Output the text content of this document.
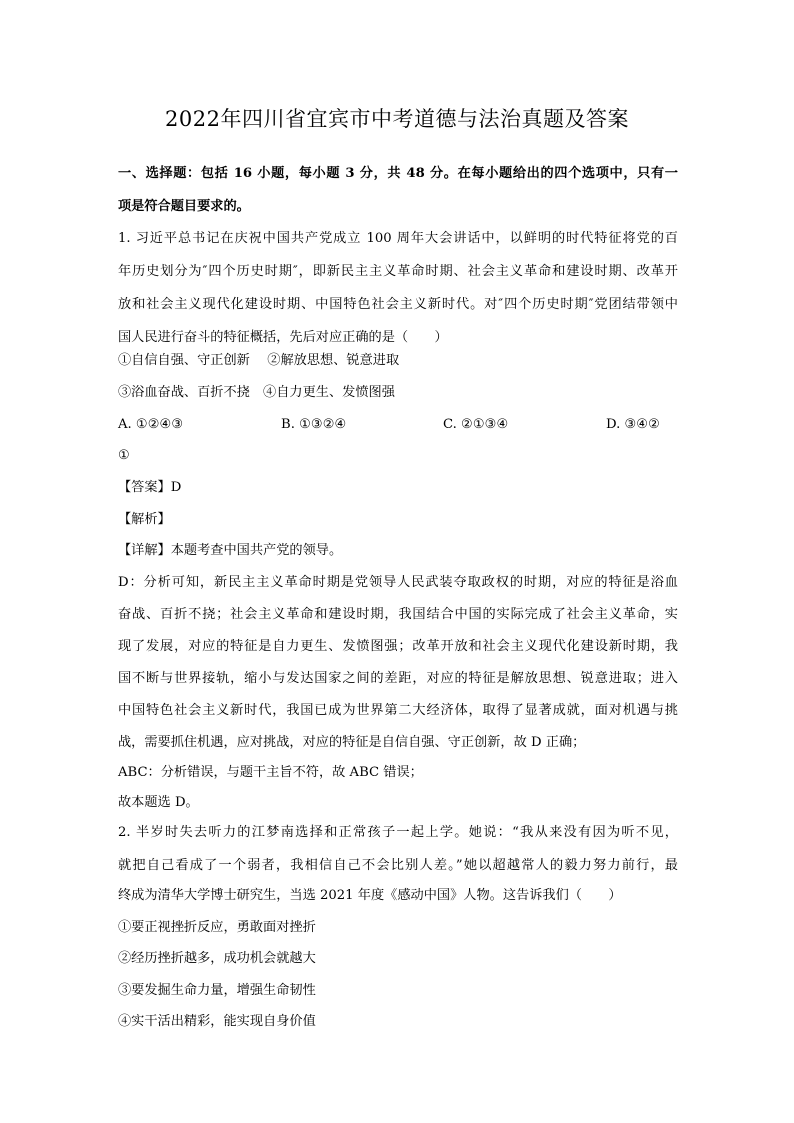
2022年四川省宜宾市中考道德与法治真题及答案
一、选择题：包括 16 小题，每小题 3 分，共 48 分。在每小题给出的四个选项中，只有一
项是符合题目要求的。
1. 习近平总书记在庆祝中国共产党成立 100 周年大会讲话中，以鲜明的时代特征将党的百
年历史划分为″四个历史时期″，即新民主主义革命时期、社会主义革命和建设时期、改革开
放和社会主义现代化建设时期、中国特色社会主义新时代。对″四个历史时期″党团结带领中
国人民进行奋斗的特征概括，先后对应正确的是（　　）
①自信自强、守正创新　 ②解放思想、锐意进取
③浴血奋战、百折不挠　④自力更生、发愤图强
A. ①②④③	B. ①③②④	C. ②①③④	D. ③④②
①
【答案】D
【解析】
【详解】本题考查中国共产党的领导。
D：分析可知，新民主主义革命时期是党领导人民武装夺取政权的时期，对应的特征是浴血
奋战、百折不挠；社会主义革命和建设时期，我国结合中国的实际完成了社会主义革命，实
现了发展，对应的特征是自力更生、发愤图强；改革开放和社会主义现代化建设新时期，我
国不断与世界接轨，缩小与发达国家之间的差距，对应的特征是解放思想、锐意进取；进入
中国特色社会主义新时代，我国已成为世界第二大经济体，取得了显著成就，面对机遇与挑
战，需要抓住机遇，应对挑战，对应的特征是自信自强、守正创新，故 D 正确；
ABC：分析错误，与题干主旨不符，故 ABC 错误；
故本题选 D。
2. 半岁时失去听力的江梦南选择和正常孩子一起上学。她说：“我从来没有因为听不见，
就把自己看成了一个弱者，我相信自己不会比别人差。”她以超越常人的毅力努力前行，最
终成为清华大学博士研究生，当选 2021 年度《感动中国》人物。这告诉我们（　　）
①要正视挫折反应，勇敢面对挫折
②经历挫折越多，成功机会就越大
③要发掘生命力量，增强生命韧性
④实干活出精彩，能实现自身价值
